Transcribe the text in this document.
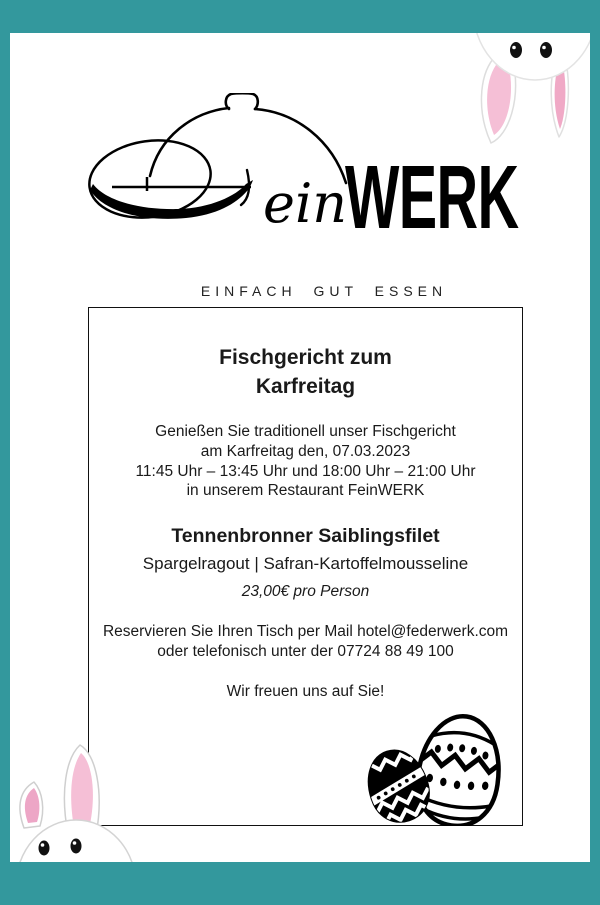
ein
WERK
EINFACH GUT ESSEN
Fischgericht zum
Karfreitag
Genießen Sie traditionell unser Fischgericht
am Karfreitag den, 07.03.2023
11:45 Uhr – 13:45 Uhr und 18:00 Uhr – 21:00 Uhr
in unserem Restaurant FeinWERK
Tennenbronner Saiblingsfilet
Spargelragout | Safran-Kartoffelmousseline
23,00€ pro Person
Reservieren Sie Ihren Tisch per Mail hotel@federwerk.com
oder telefonisch unter der 07724 88 49 100
Wir freuen uns auf Sie!
